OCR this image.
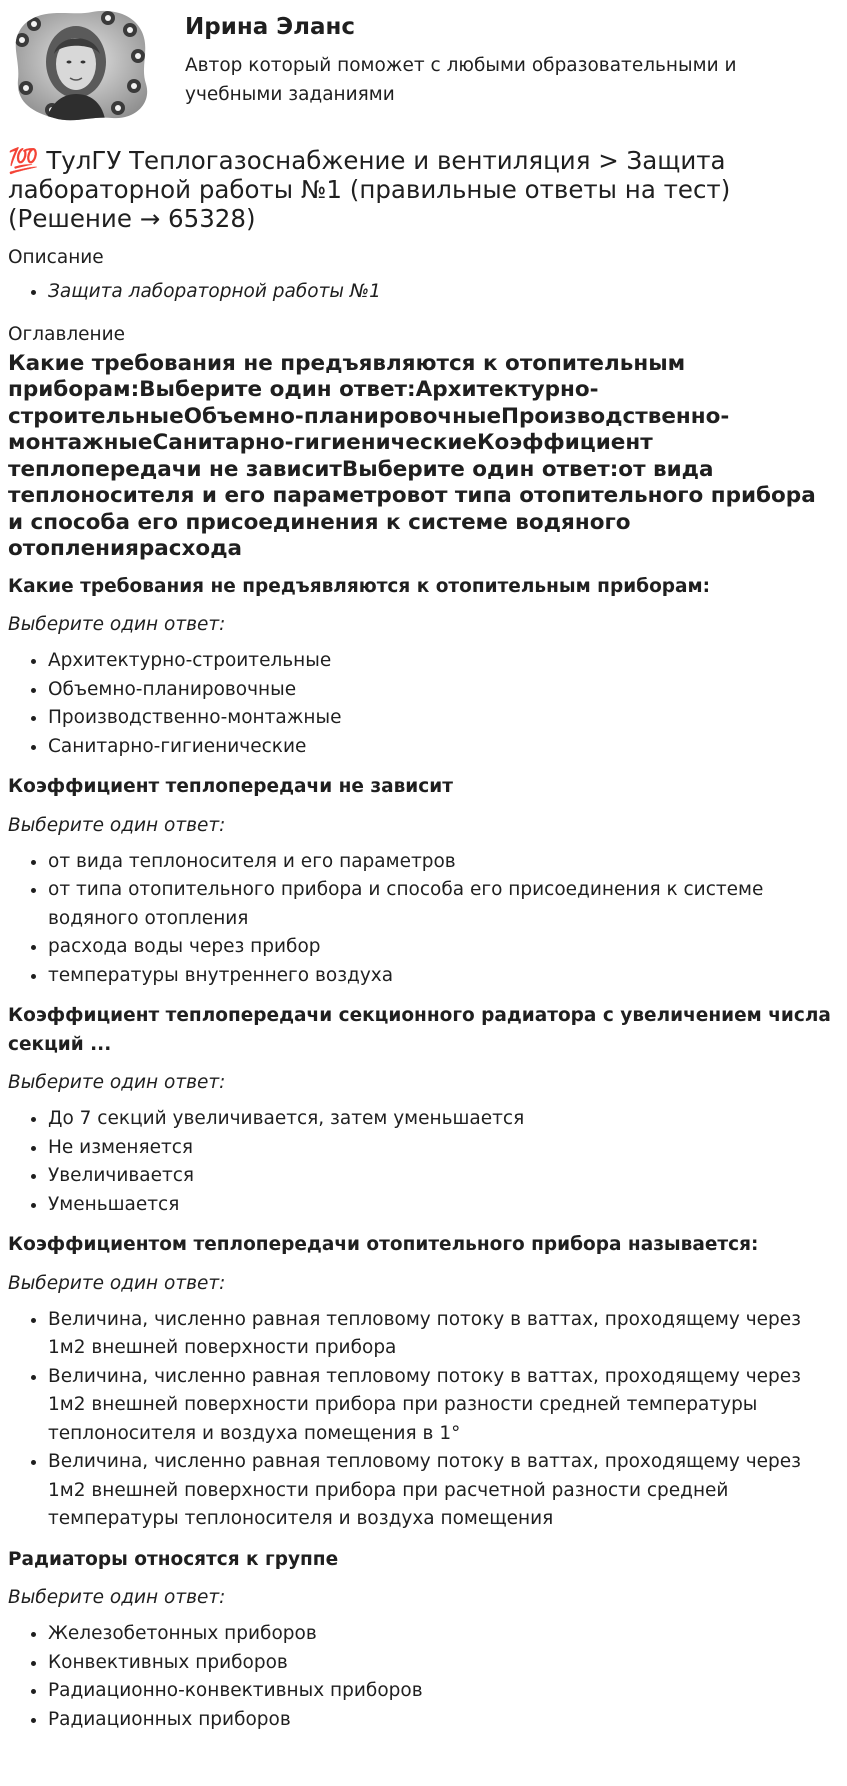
Ирина Эланс
Автор который поможет с любыми образовательными и учебными заданиями
💯 ТулГУ Теплогазоснабжение и вентиляция > Защита лабораторной работы №1 (правильные ответы на тест) (Решение → 65328)

Описание

• Защита лабораторной работы №1

Оглавление

Какие требования не предъявляются к отопительным приборам:Выберите один ответ:Архитектурно-строительныеОбъемно-планировочныеПроизводственно-монтажныеСанитарно-гигиеническиеКоэффициент теплопередачи не зависитВыберите один ответ:от вида теплоносителя и его параметровот типа отопительного прибора и способа его присоединения к системе водяного отоплениярасхода

Какие требования не предъявляются к отопительным приборам:

Выберите один ответ:

• Архитектурно-строительные
• Объемно-планировочные
• Производственно-монтажные
• Санитарно-гигиенические

Коэффициент теплопередачи не зависит

Выберите один ответ:

• от вида теплоносителя и его параметров
• от типа отопительного прибора и способа его присоединения к системе водяного отопления
• расхода воды через прибор
• температуры внутреннего воздуха

Коэффициент теплопередачи секционного радиатора с увеличением числа секций ...

Выберите один ответ:

• До 7 секций увеличивается, затем уменьшается
• Не изменяется
• Увеличивается
• Уменьшается

Коэффициентом теплопередачи отопительного прибора называется:

Выберите один ответ:

• Величина, численно равная тепловому потоку в ваттах, проходящему через 1м2 внешней поверхности прибора
• Величина, численно равная тепловому потоку в ваттах, проходящему через 1м2 внешней поверхности прибора при разности средней температуры теплоносителя и воздуха помещения в 1°
• Величина, численно равная тепловому потоку в ваттах, проходящему через 1м2 внешней поверхности прибора при расчетной разности средней температуры теплоносителя и воздуха помещения

Радиаторы относятся к группе

Выберите один ответ:

• Железобетонных приборов
• Конвективных приборов
• Радиационно-конвективных приборов
• Радиационных приборов
